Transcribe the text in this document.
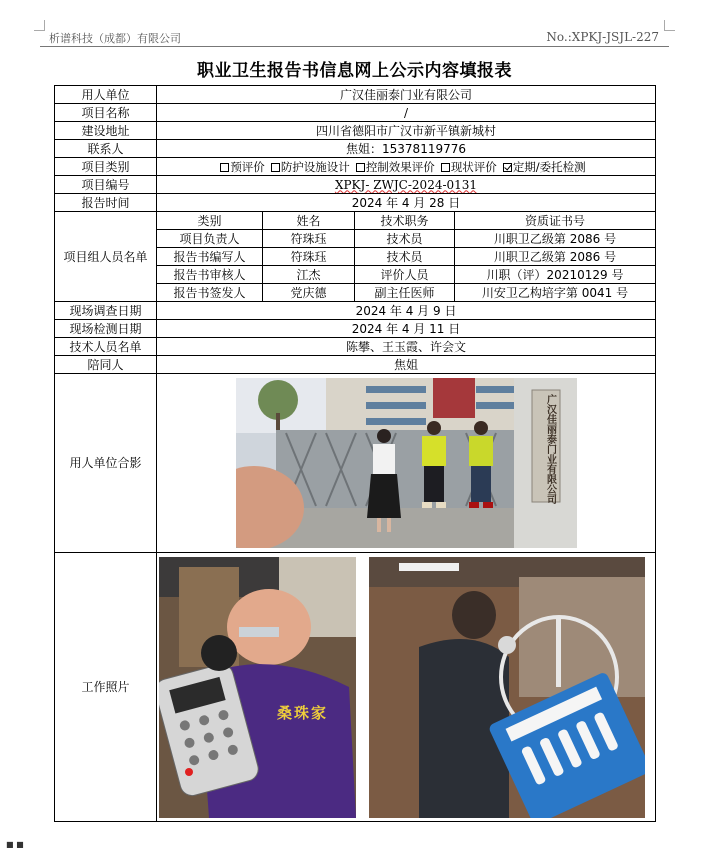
析谱科技（成都）有限公司	No.:XPKJ-JSJL-227
职业卫生报告书信息网上公示内容填报表
用人单位	广汉佳丽泰门业有限公司			
项目名称	/			
建设地址	四川省德阳市广汉市新平镇新城村			
联系人	焦姐：15378119776			
项目类别	预评价 防护设施设计 控制效果评价 现状评价 定期/委托检测			
项目编号	XPKJ- ZWJC-2024-0131			
报告时间	2024 年 4 月 28 日			
项目组人员名单	类别	姓名	技术职务	资质证书号
	项目负责人	符珠珏	技术员	川职卫乙级第 2086 号
	报告书编写人	符珠珏	技术员	川职卫乙级第 2086 号
	报告书审核人	江杰	评价人员	川职（评）20210129 号
	报告书签发人	党庆德	副主任医师	川安卫乙构培字第 0041 号
现场调查日期	2024 年 4 月 9 日			
现场检测日期	2024 年 4 月 11 日			
技术人员名单	陈攀、王玉霞、许会文			
陪同人	焦姐			
用人单位合影	广汉佳丽泰门业有限公司			

工作照片	桑珠家			
■ ■
